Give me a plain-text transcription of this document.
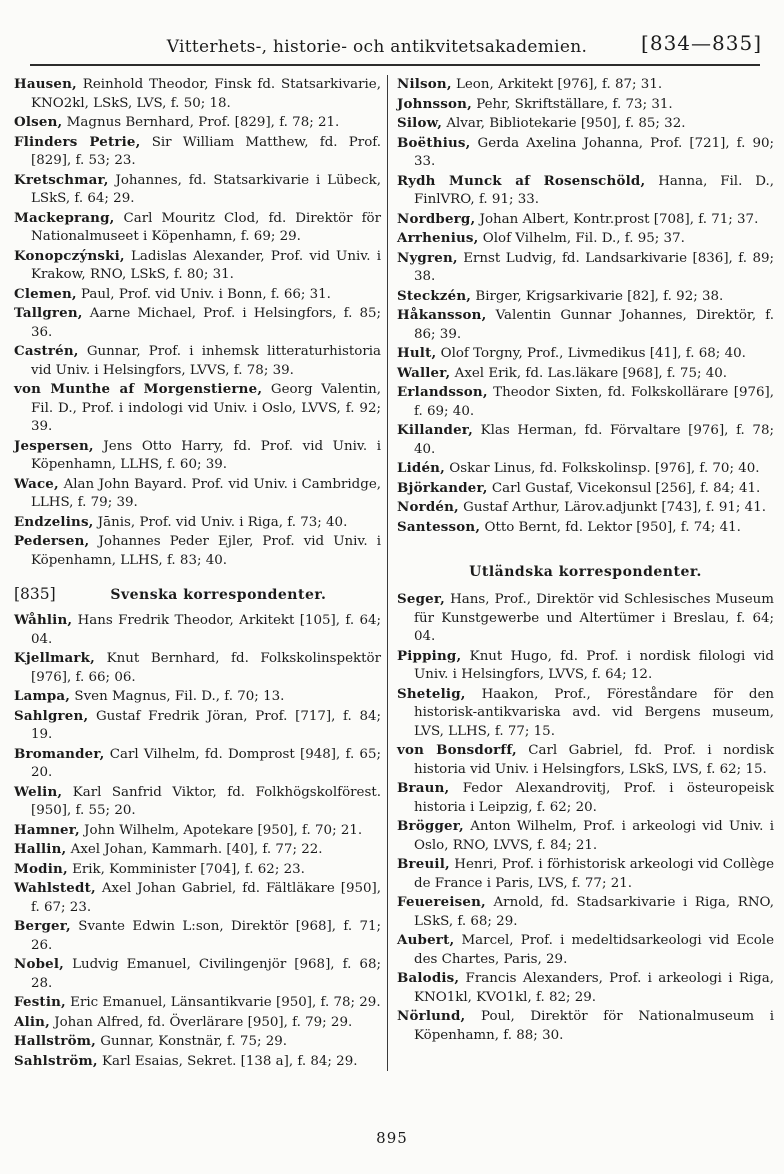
Vitterhets-, historie- och antikvitetsakademien.	[834—835]

Hausen, Reinhold Theodor, Finsk fd. Statsarkivarie, KNO2kl, LSkS, LVS, f. 50; 18.

Olsen, Magnus Bernhard, Prof. [829], f. 78; 21.

Flinders Petrie, Sir William Matthew, fd. Prof. [829], f. 53; 23.

Kretschmar, Johannes, fd. Statsarkivarie i Lübeck, LSkS, f. 64; 29.

Mackeprang, Carl Mouritz Clod, fd. Direktör för Nationalmuseet i Köpenhamn, f. 69; 29.

Konopczýnski, Ladislas Alexander, Prof. vid Univ. i Krakow, RNO, LSkS, f. 80; 31.

Clemen, Paul, Prof. vid Univ. i Bonn, f. 66; 31.

Tallgren, Aarne Michael, Prof. i Helsingfors, f. 85; 36.

Castrén, Gunnar, Prof. i inhemsk litteraturhistoria vid Univ. i Helsingfors, LVVS, f. 78; 39.

von Munthe af Morgenstierne, Georg Valentin, Fil. D., Prof. i indologi vid Univ. i Oslo, LVVS, f. 92; 39.

Jespersen, Jens Otto Harry, fd. Prof. vid Univ. i Köpenhamn, LLHS, f. 60; 39.

Wace, Alan John Bayard. Prof. vid Univ. i Cambridge, LLHS, f. 79; 39.

Endzelins, Jānis, Prof. vid Univ. i Riga, f. 73; 40.

Pedersen, Johannes Peder Ejler, Prof. vid Univ. i Köpenhamn, LLHS, f. 83; 40.

[835]	Svenska korrespondenter.

Wåhlin, Hans Fredrik Theodor, Arkitekt [105], f. 64; 04.

Kjellmark, Knut Bernhard, fd. Folkskolinspektör [976], f. 66; 06.

Lampa, Sven Magnus, Fil. D., f. 70; 13.

Sahlgren, Gustaf Fredrik Jöran, Prof. [717], f. 84; 19.

Bromander, Carl Vilhelm, fd. Domprost [948], f. 65; 20.

Welin, Karl Sanfrid Viktor, fd. Folkhögskolförest. [950], f. 55; 20.

Hamner, John Wilhelm, Apotekare [950], f. 70; 21.

Hallin, Axel Johan, Kammarh. [40], f. 77; 22.

Modin, Erik, Komminister [704], f. 62; 23.

Wahlstedt, Axel Johan Gabriel, fd. Fältläkare [950], f. 67; 23.

Berger, Svante Edwin L:son, Direktör [968], f. 71; 26.

Nobel, Ludvig Emanuel, Civilingenjör [968], f. 68; 28.

Festin, Eric Emanuel, Länsantikvarie [950], f. 78; 29.

Alin, Johan Alfred, fd. Överlärare [950], f. 79; 29.

Hallström, Gunnar, Konstnär, f. 75; 29.

Sahlström, Karl Esaias, Sekret. [138 a], f. 84; 29.

Nilson, Leon, Arkitekt [976], f. 87; 31.

Johnsson, Pehr, Skriftställare, f. 73; 31.

Silow, Alvar, Bibliotekarie [950], f. 85; 32.

Boëthius, Gerda Axelina Johanna, Prof. [721], f. 90; 33.

Rydh Munck af Rosenschöld, Hanna, Fil. D., FinlVRO, f. 91; 33.

Nordberg, Johan Albert, Kontr.prost [708], f. 71; 37.

Arrhenius, Olof Vilhelm, Fil. D., f. 95; 37.

Nygren, Ernst Ludvig, fd. Landsarkivarie [836], f. 89; 38.

Steckzén, Birger, Krigsarkivarie [82], f. 92; 38.

Håkansson, Valentin Gunnar Johannes, Direktör, f. 86; 39.

Hult, Olof Torgny, Prof., Livmedikus [41], f. 68; 40.

Waller, Axel Erik, fd. Las.läkare [968], f. 75; 40.

Erlandsson, Theodor Sixten, fd. Folkskollärare [976], f. 69; 40.

Killander, Klas Herman, fd. Förvaltare [976], f. 78; 40.

Lidén, Oskar Linus, fd. Folkskolinsp. [976], f. 70; 40.

Björkander, Carl Gustaf, Vicekonsul [256], f. 84; 41.

Nordén, Gustaf Arthur, Lärov.adjunkt [743], f. 91; 41.

Santesson, Otto Bernt, fd. Lektor [950], f. 74; 41.

Utländska korrespondenter.

Seger, Hans, Prof., Direktör vid Schlesisches Museum für Kunstgewerbe und Altertümer i Breslau, f. 64; 04.

Pipping, Knut Hugo, fd. Prof. i nordisk filologi vid Univ. i Helsingfors, LVVS, f. 64; 12.

Shetelig, Haakon, Prof., Föreståndare för den historisk-antikvariska avd. vid Bergens museum, LVS, LLHS, f. 77; 15.

von Bonsdorff, Carl Gabriel, fd. Prof. i nordisk historia vid Univ. i Helsingfors, LSkS, LVS, f. 62; 15.

Braun, Fedor Alexandrovitj, Prof. i östeuropeisk historia i Leipzig, f. 62; 20.

Brögger, Anton Wilhelm, Prof. i arkeologi vid Univ. i Oslo, RNO, LVVS, f. 84; 21.

Breuil, Henri, Prof. i förhistorisk arkeologi vid Collège de France i Paris, LVS, f. 77; 21.

Feuereisen, Arnold, fd. Stadsarkivarie i Riga, RNO, LSkS, f. 68; 29.

Aubert, Marcel, Prof. i medeltidsarkeologi vid Ecole des Chartes, Paris, 29.

Balodis, Francis Alexanders, Prof. i arkeologi i Riga, KNO1kl, KVO1kl, f. 82; 29.

Nörlund, Poul, Direktör för Nationalmuseum i Köpenhamn, f. 88; 30.

895
